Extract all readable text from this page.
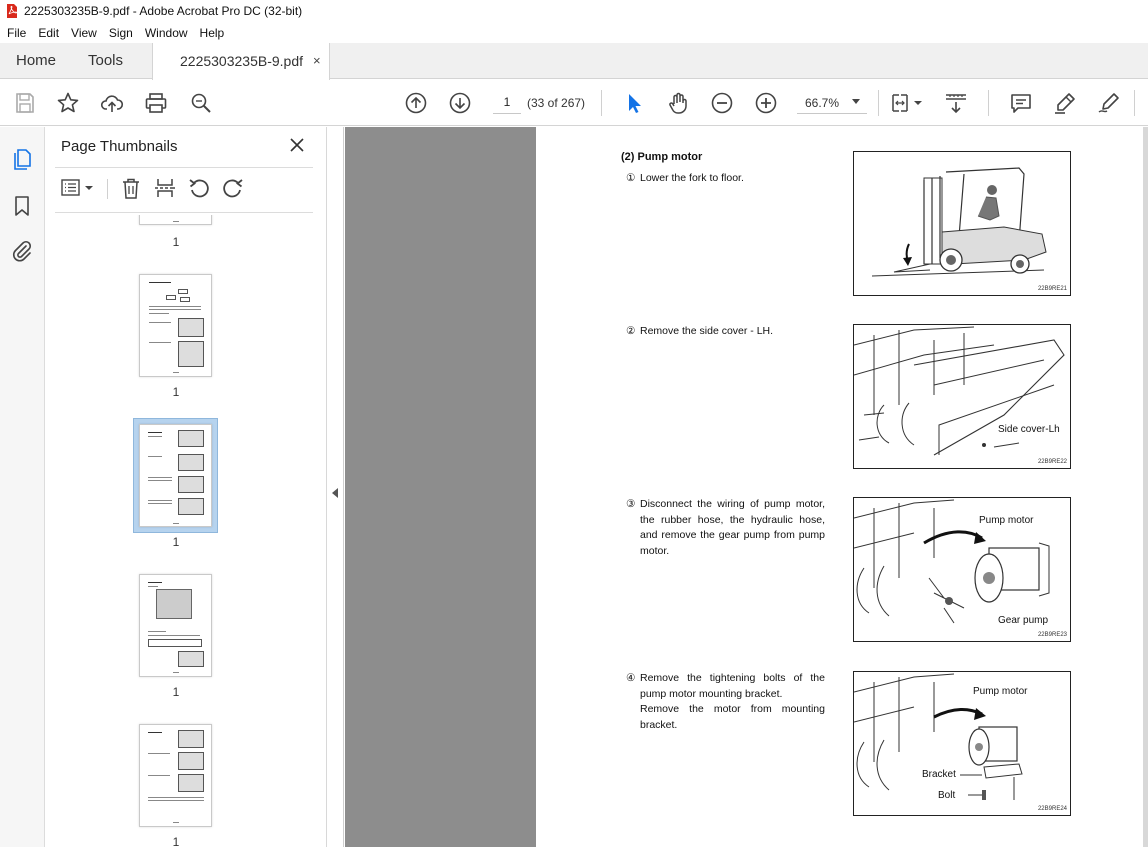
2225303235B-9.pdf - Adobe Acrobat Pro DC (32-bit)
File	Edit	View	Sign	Window	Help
Home Tools	2225303235B-9.pdf ×
1
(33 of 267)	66.7%
Page Thumbnails
1
1
1
1
1
(2) Pump motor
① Lower the fork to floor.
22B9RE21
② Remove the side cover - LH.
Side cover-Lh
22B9RE22
③ Disconnect the wiring of pump motor, the rubber hose, the hydraulic hose, and remove the gear pump from pump motor.
Pump motor
Gear pump
22B9RE23
④ Remove the tightening bolts of the pump motor mounting bracket.
Remove the motor from mounting bracket.
Pump motor
Bracket
Bolt
22B9RE24
